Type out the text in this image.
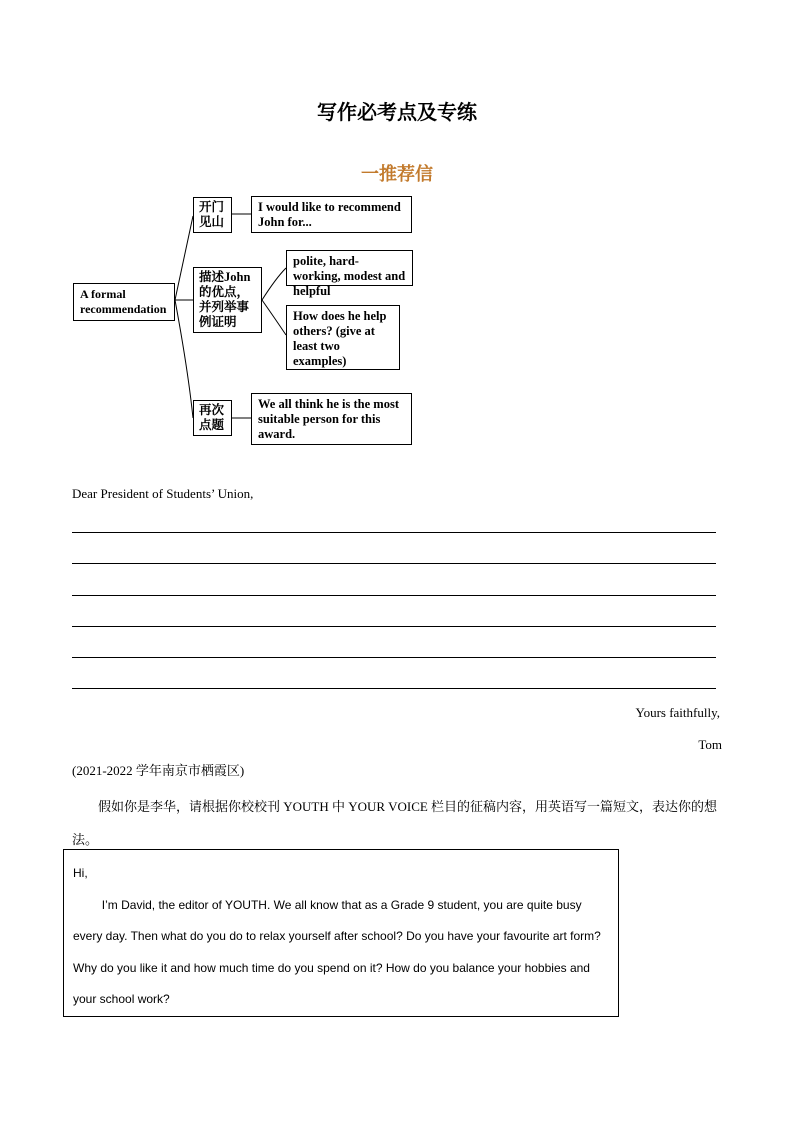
写作必考点及专练
一推荐信
A formal recommendation
开门见山
I would like to recommend John for...
描述John的优点，并列举事例证明
polite, hard-working, modest and helpful
How does he help others? (give at least two examples)
再次点题
We all think he is the most suitable person for this award.
Dear President of Students’ Union,
Yours faithfully,
Tom
(2021-2022 学年南京市栖霞区)
假如你是李华，请根据你校校刊 YOUTH 中 YOUR VOICE 栏目的征稿内容，用英语写一篇短文，表达你的想法。

Hi,

I’m David, the editor of YOUTH. We all know that as a Grade 9 student, you are quite busy every day. Then what do you do to relax yourself after school? Do you have your favourite art form? Why do you like it and how much time do you spend on it? How do you balance your hobbies and your school work?
